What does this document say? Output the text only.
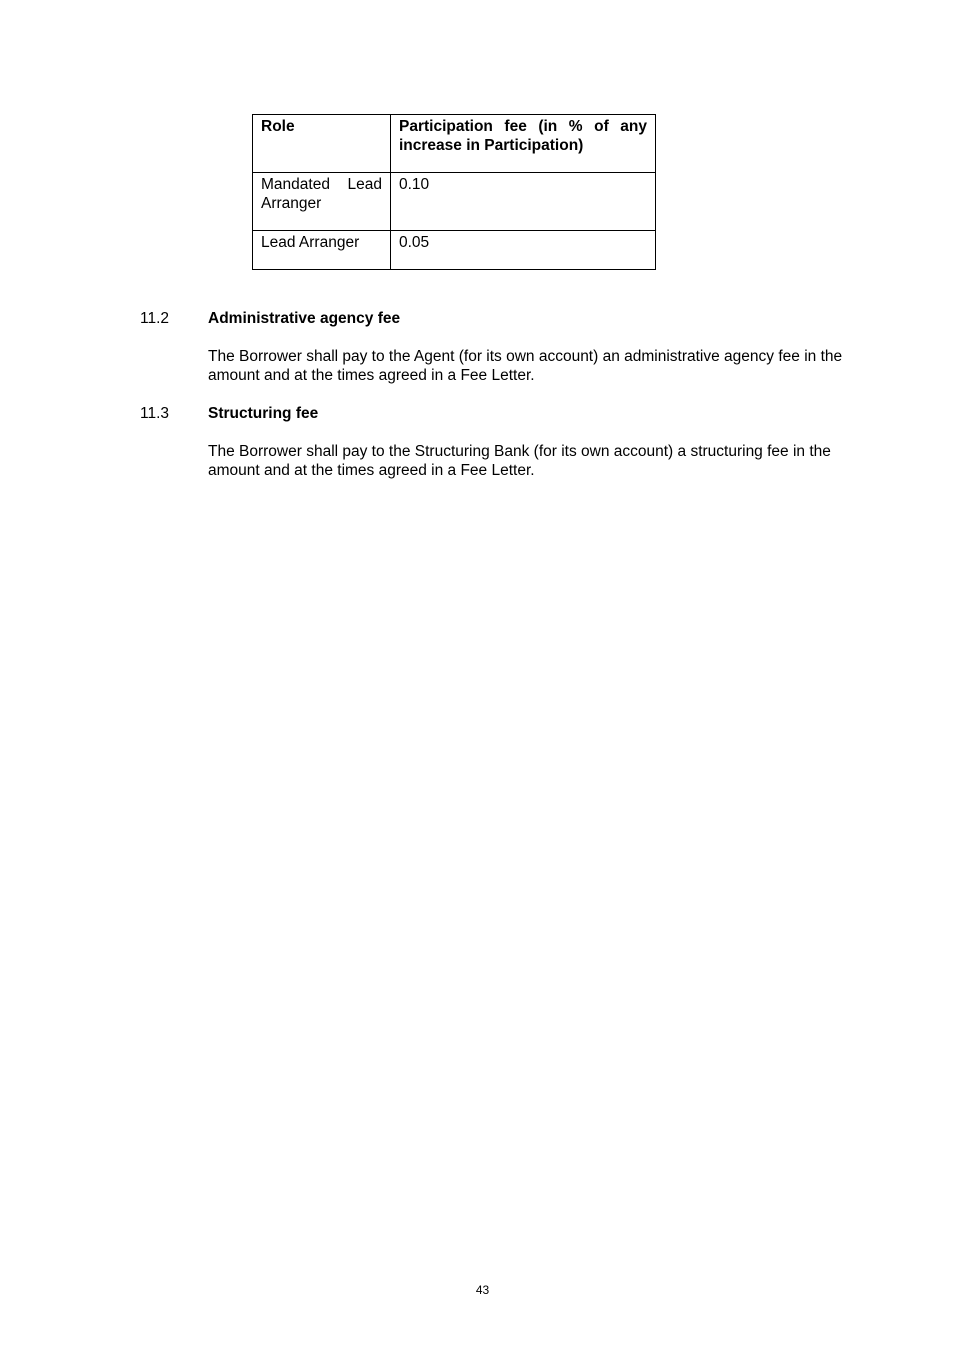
Role	Participation fee (in % of any increase in Participation)
Mandated Lead Arranger	0.10
Lead Arranger	0.05
11.2	Administrative agency fee
The Borrower shall pay to the Agent (for its own account) an administrative agency fee in the amount and at the times agreed in a Fee Letter.
11.3	Structuring fee
The Borrower shall pay to the Structuring Bank (for its own account) a structuring fee in the amount and at the times agreed in a Fee Letter.
43
